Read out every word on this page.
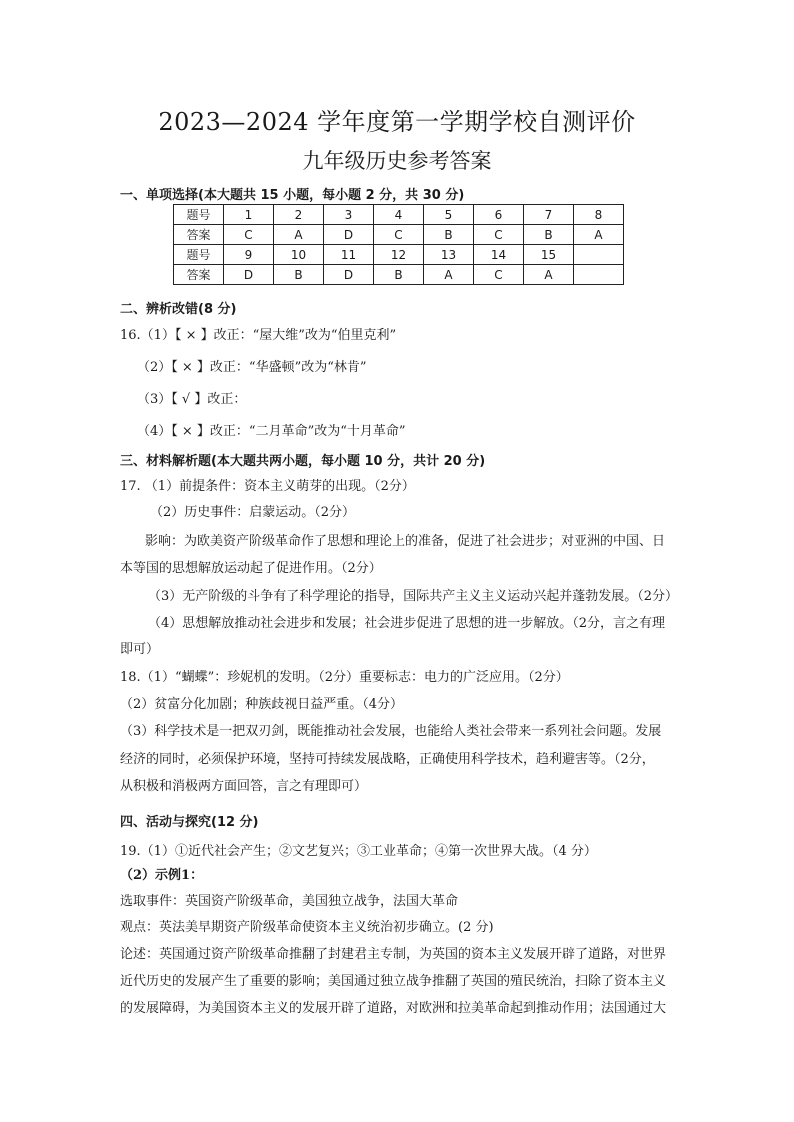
2023—2024 学年度第一学期学校自测评价
九年级历史参考答案
一、单项选择(本大题共 15 小题，每小题 2 分，共 30 分)
题号	1	2	3	4	5	6	7	8
答案	C	A	D	C	B	C	B	A
题号	9	10	11	12	13	14	15	
答案	D	B	D	B	A	C	A	
二、辨析改错(8 分)
16.（1）【 × 】改正：“屋大维”改为“伯里克利”
（2）【 × 】改正：“华盛顿”改为“林肯”
（3）【 √ 】改正：
（4）【 × 】改正：“二月革命”改为“十月革命”
三、材料解析题(本大题共两小题，每小题 10 分，共计 20 分)
17. （1）前提条件：资本主义萌芽的出现。（2分）
（2）历史事件：启蒙运动。（2分）
影响：为欧美资产阶级革命作了思想和理论上的准备，促进了社会进步；对亚洲的中国、日
本等国的思想解放运动起了促进作用。（2分）
（3）无产阶级的斗争有了科学理论的指导，国际共产主义主义运动兴起并蓬勃发展。（2分）
（4）思想解放推动社会进步和发展；社会进步促进了思想的进一步解放。（2分，言之有理
即可）
18.（1）“蝴蝶”：珍妮机的发明。（2分）重要标志：电力的广泛应用。（2分）
（2）贫富分化加剧；种族歧视日益严重。（4分）
（3）科学技术是一把双刃剑，既能推动社会发展，也能给人类社会带来一系列社会问题。发展
经济的同时，必须保护环境，坚持可持续发展战略，正确使用科学技术，趋利避害等。（2分，
从积极和消极两方面回答，言之有理即可）
四、活动与探究(12 分)
19.（1）①近代社会产生；②文艺复兴；③工业革命；④第一次世界大战。（4 分）
（2）示例1：
选取事件：英国资产阶级革命，美国独立战争，法国大革命
观点：英法美早期资产阶级革命使资本主义统治初步确立。(2 分)
论述：英国通过资产阶级革命推翻了封建君主专制，为英国的资本主义发展开辟了道路，对世界
近代历史的发展产生了重要的影响；美国通过独立战争推翻了英国的殖民统治，扫除了资本主义
的发展障碍，为美国资本主义的发展开辟了道路，对欧洲和拉美革命起到推动作用；法国通过大
